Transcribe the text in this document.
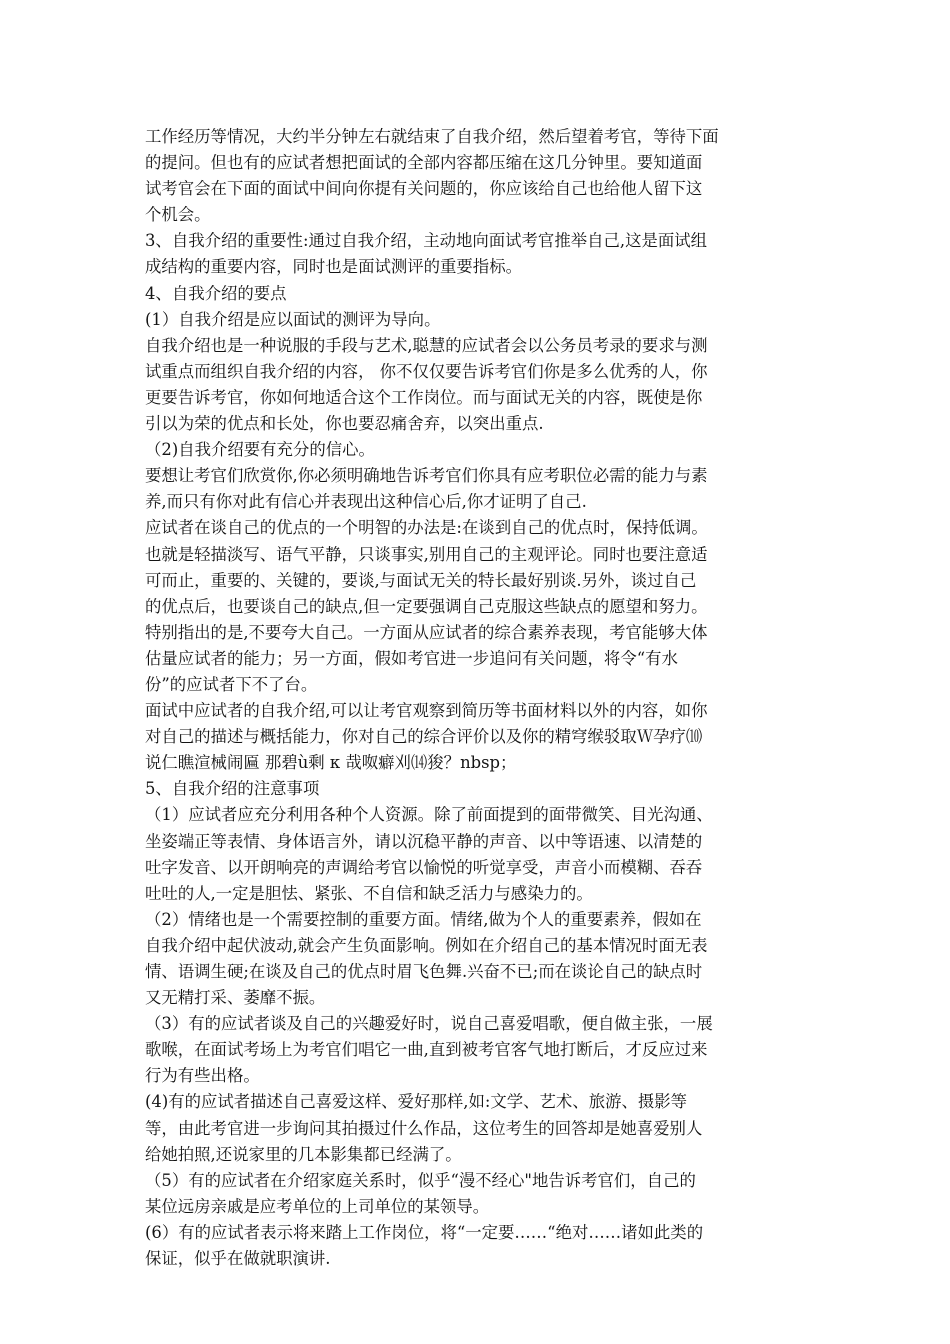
工作经历等情况，大约半分钟左右就结束了自我介绍，然后望着考官，等待下面
的提问。但也有的应试者想把面试的全部内容都压缩在这几分钟里。要知道面
试考官会在下面的面试中间向你提有关问题的，你应该给自己也给他人留下这
个机会。
3、自我介绍的重要性:通过自我介绍，主动地向面试考官推举自己,这是面试组
成结构的重要内容，同时也是面试测评的重要指标。
4、自我介绍的要点
(1）自我介绍是应以面试的测评为导向。
自我介绍也是一种说服的手段与艺术,聪慧的应试者会以公务员考录的要求与测
试重点而组织自我介绍的内容， 你不仅仅要告诉考官们你是多么优秀的人，你
更要告诉考官，你如何地适合这个工作岗位。而与面试无关的内容，既使是你
引以为荣的优点和长处，你也要忍痛舍弃，以突出重点.
（2)自我介绍要有充分的信心。
要想让考官们欣赏你,你必须明确地告诉考官们你具有应考职位必需的能力与素
养,而只有你对此有信心并表现出这种信心后,你才证明了自己.
应试者在谈自己的优点的一个明智的办法是:在谈到自己的优点时，保持低调。
也就是轻描淡写、语气平静，只谈事实,别用自己的主观评论。同时也要注意适
可而止，重要的、关键的，要谈,与面试无关的特长最好别谈.另外，谈过自己
的优点后，也要谈自己的缺点,但一定要强调自己克服这些缺点的愿望和努力。
特别指出的是,不要夸大自己。一方面从应试者的综合素养表现，考官能够大体
估量应试者的能力；另一方面，假如考官进一步追问有关问题，将令“有水
份”的应试者下不了台。
面试中应试者的自我介绍,可以让考官观察到简历等书面材料以外的内容，如你
对自己的描述与概括能力，你对自己的综合评价以及你的精穹缑驳取Ｗ孕疗⑽
说仁瞧渲械闹匾 那碧ù剩 κ 哉呶癖刈⒁狻？nbsp；
5、自我介绍的注意事项
（1）应试者应充分利用各种个人资源。除了前面提到的面带微笑、目光沟通、
坐姿端正等表情、身体语言外，请以沉稳平静的声音、以中等语速、以清楚的
吐字发音、以开朗响亮的声调给考官以愉悦的听觉享受，声音小而模糊、吞吞
吐吐的人,一定是胆怯、紧张、不自信和缺乏活力与感染力的。
（2）情绪也是一个需要控制的重要方面。情绪,做为个人的重要素养，假如在
自我介绍中起伏波动,就会产生负面影响。例如在介绍自己的基本情况时面无表
情、语调生硬;在谈及自己的优点时眉飞色舞.兴奋不已;而在谈论自己的缺点时
又无精打采、萎靡不振。
（3）有的应试者谈及自己的兴趣爱好时，说自己喜爱唱歌，便自做主张，一展
歌喉，在面试考场上为考官们唱它一曲,直到被考官客气地打断后，才反应过来
行为有些出格。
(4)有的应试者描述自己喜爱这样、爱好那样,如:文学、艺术、旅游、摄影等
等，由此考官进一步询问其拍摄过什么作品，这位考生的回答却是她喜爱别人
给她拍照,还说家里的几本影集都已经满了。
（5）有的应试者在介绍家庭关系时，似乎“漫不经心"地告诉考官们，自己的
某位远房亲戚是应考单位的上司单位的某领导。
(6）有的应试者表示将来踏上工作岗位，将“一定要……“绝对……诸如此类的
保证，似乎在做就职演讲.
